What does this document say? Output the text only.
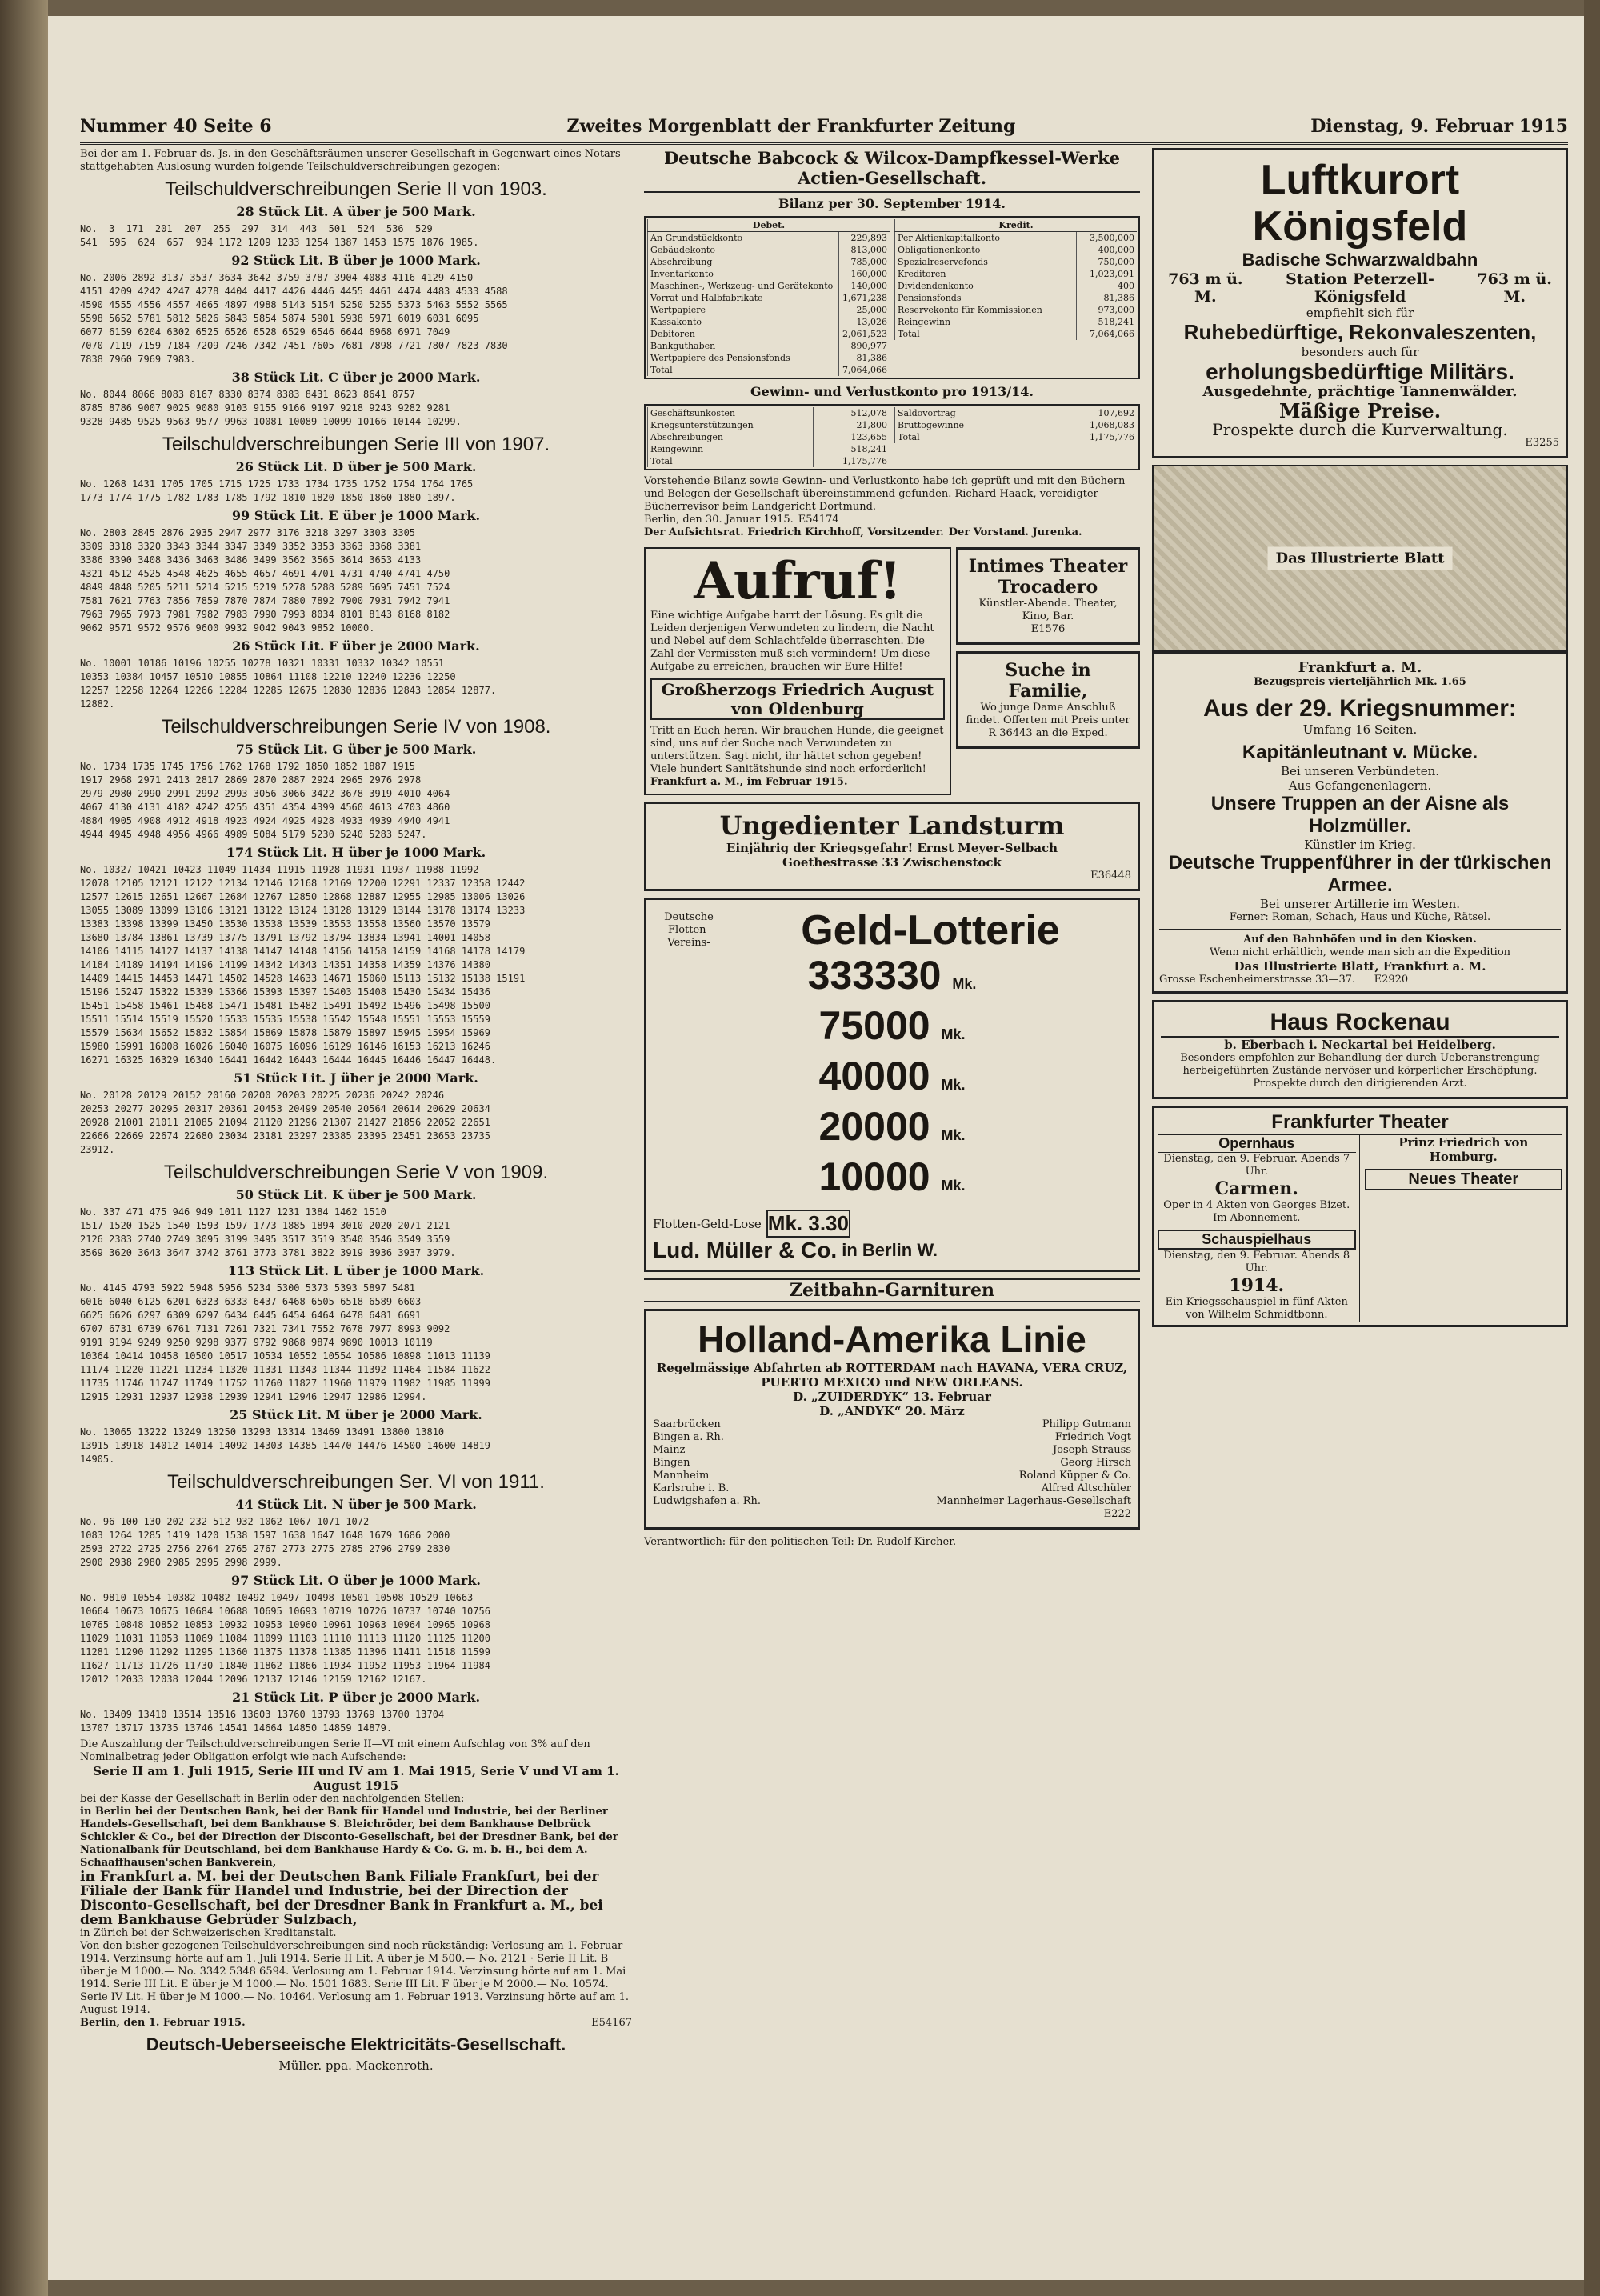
Nummer 40 Seite 6	Zweites Morgenblatt der Frankfurter Zeitung	Dienstag, 9. Februar 1915

Bei der am 1. Februar ds. Js. in den Geschäftsräumen unserer Gesellschaft in Gegenwart eines Notars stattgehabten Auslosung wurden folgende Teilschuldverschreibungen gezogen:

Teilschuldverschreibungen Serie II von 1903.
28 Stück Lit. A über je 500 Mark.
No.  3  171  201  207  255  297  314  443  501  524  536  529
541  595  624  657  934 1172 1209 1233 1254 1387 1453 1575 1876 1985.
92 Stück Lit. B über je 1000 Mark.
No. 2006 2892 3137 3537 3634 3642 3759 3787 3904 4083 4116 4129 4150
4151 4209 4242 4247 4278 4404 4417 4426 4446 4455 4461 4474 4483 4533 4588
4590 4555 4556 4557 4665 4897 4988 5143 5154 5250 5255 5373 5463 5552 5565
5598 5652 5781 5812 5826 5843 5854 5874 5901 5938 5971 6019 6031 6095
6077 6159 6204 6302 6525 6526 6528 6529 6546 6644 6968 6971 7049
7070 7119 7159 7184 7209 7246 7342 7451 7605 7681 7898 7721 7807 7823 7830
7838 7960 7969 7983.
38 Stück Lit. C über je 2000 Mark.
No. 8044 8066 8083 8167 8330 8374 8383 8431 8623 8641 8757
8785 8786 9007 9025 9080 9103 9155 9166 9197 9218 9243 9282 9281
9328 9485 9525 9563 9577 9963 10081 10089 10099 10166 10144 10299.
Teilschuldverschreibungen Serie III von 1907.
26 Stück Lit. D über je 500 Mark.
No. 1268 1431 1705 1705 1715 1725 1733 1734 1735 1752 1754 1764 1765
1773 1774 1775 1782 1783 1785 1792 1810 1820 1850 1860 1880 1897.
99 Stück Lit. E über je 1000 Mark.
No. 2803 2845 2876 2935 2947 2977 3176 3218 3297 3303 3305
3309 3318 3320 3343 3344 3347 3349 3352 3353 3363 3368 3381
3386 3390 3408 3436 3463 3486 3499 3562 3565 3614 3653 4133
4321 4512 4525 4548 4625 4655 4657 4691 4701 4731 4740 4741 4750
4849 4848 5205 5211 5214 5215 5219 5278 5288 5289 5695 7451 7524
7581 7621 7763 7856 7859 7870 7874 7880 7892 7900 7931 7942 7941
7963 7965 7973 7981 7982 7983 7990 7993 8034 8101 8143 8168 8182
9062 9571 9572 9576 9600 9932 9042 9043 9852 10000.
26 Stück Lit. F über je 2000 Mark.
No. 10001 10186 10196 10255 10278 10321 10331 10332 10342 10551
10353 10384 10457 10510 10855 10864 11108 12210 12240 12236 12250
12257 12258 12264 12266 12284 12285 12675 12830 12836 12843 12854 12877.
12882.
Teilschuldverschreibungen Serie IV von 1908.
75 Stück Lit. G über je 500 Mark.
No. 1734 1735 1745 1756 1762 1768 1792 1850 1852 1887 1915
1917 2968 2971 2413 2817 2869 2870 2887 2924 2965 2976 2978
2979 2980 2990 2991 2992 2993 3056 3066 3422 3678 3919 4010 4064
4067 4130 4131 4182 4242 4255 4351 4354 4399 4560 4613 4703 4860
4884 4905 4908 4912 4918 4923 4924 4925 4928 4933 4939 4940 4941
4944 4945 4948 4956 4966 4989 5084 5179 5230 5240 5283 5247.
174 Stück Lit. H über je 1000 Mark.
No. 10327 10421 10423 11049 11434 11915 11928 11931 11937 11988 11992
12078 12105 12121 12122 12134 12146 12168 12169 12200 12291 12337 12358 12442
12577 12615 12651 12667 12684 12767 12850 12868 12887 12955 12985 13006 13026
13055 13089 13099 13106 13121 13122 13124 13128 13129 13144 13178 13174 13233
13383 13398 13399 13450 13530 13538 13539 13553 13558 13560 13570 13579
13680 13784 13861 13739 13775 13791 13792 13794 13834 13941 14001 14058
14106 14115 14127 14137 14138 14147 14148 14156 14158 14159 14168 14178 14179
14184 14189 14194 14196 14199 14342 14343 14351 14358 14359 14376 14380
14409 14415 14453 14471 14502 14528 14633 14671 15060 15113 15132 15138 15191
15196 15247 15322 15339 15366 15393 15397 15403 15408 15430 15434 15436
15451 15458 15461 15468 15471 15481 15482 15491 15492 15496 15498 15500
15511 15514 15519 15520 15533 15535 15538 15542 15548 15551 15553 15559
15579 15634 15652 15832 15854 15869 15878 15879 15897 15945 15954 15969
15980 15991 16008 16026 16040 16075 16096 16129 16146 16153 16213 16246
16271 16325 16329 16340 16441 16442 16443 16444 16445 16446 16447 16448.
51 Stück Lit. J über je 2000 Mark.
No. 20128 20129 20152 20160 20200 20203 20225 20236 20242 20246
20253 20277 20295 20317 20361 20453 20499 20540 20564 20614 20629 20634
20928 21001 21011 21085 21094 21120 21296 21307 21427 21856 22052 22651
22666 22669 22674 22680 23034 23181 23297 23385 23395 23451 23653 23735
23912.
Teilschuldverschreibungen Serie V von 1909.
50 Stück Lit. K über je 500 Mark.
No. 337 471 475 946 949 1011 1127 1231 1384 1462 1510
1517 1520 1525 1540 1593 1597 1773 1885 1894 3010 2020 2071 2121
2126 2383 2740 2749 3095 3199 3495 3517 3519 3540 3546 3549 3559
3569 3620 3643 3647 3742 3761 3773 3781 3822 3919 3936 3937 3979.
113 Stück Lit. L über je 1000 Mark.
No. 4145 4793 5922 5948 5956 5234 5300 5373 5393 5897 5481
6016 6040 6125 6201 6323 6333 6437 6468 6505 6518 6589 6603
6625 6626 6297 6309 6297 6434 6445 6454 6464 6478 6481 6691
6707 6731 6739 6761 7131 7261 7321 7341 7552 7678 7977 8993 9092
9191 9194 9249 9250 9298 9377 9792 9868 9874 9890 10013 10119
10364 10414 10458 10500 10517 10534 10552 10554 10586 10898 11013 11139
11174 11220 11221 11234 11320 11331 11343 11344 11392 11464 11584 11622
11735 11746 11747 11749 11752 11760 11827 11960 11979 11982 11985 11999
12915 12931 12937 12938 12939 12941 12946 12947 12986 12994.
25 Stück Lit. M über je 2000 Mark.
No. 13065 13222 13249 13250 13293 13314 13469 13491 13800 13810
13915 13918 14012 14014 14092 14303 14385 14470 14476 14500 14600 14819
14905.
Teilschuldverschreibungen Ser. VI von 1911.
44 Stück Lit. N über je 500 Mark.
No. 96 100 130 202 232 512 932 1062 1067 1071 1072
1083 1264 1285 1419 1420 1538 1597 1638 1647 1648 1679 1686 2000
2593 2722 2725 2756 2764 2765 2767 2773 2775 2785 2796 2799 2830
2900 2938 2980 2985 2995 2998 2999.
97 Stück Lit. O über je 1000 Mark.
No. 9810 10554 10382 10482 10492 10497 10498 10501 10508 10529 10663
10664 10673 10675 10684 10688 10695 10693 10719 10726 10737 10740 10756
10765 10848 10852 10853 10932 10953 10960 10961 10963 10964 10965 10968
11029 11031 11053 11069 11084 11099 11103 11110 11113 11120 11125 11200
11281 11290 11292 11295 11360 11375 11378 11385 11396 11411 11518 11599
11627 11713 11726 11730 11840 11862 11866 11934 11952 11953 11964 11984
12012 12033 12038 12044 12096 12137 12146 12159 12162 12167.
21 Stück Lit. P über je 2000 Mark.
No. 13409 13410 13514 13516 13603 13760 13793 13769 13700 13704
13707 13717 13735 13746 14541 14664 14850 14859 14879.

Die Auszahlung der Teilschuldverschreibungen Serie II—VI mit einem Aufschlag von 3% auf den Nominalbetrag jeder Obligation erfolgt wie nach Aufschende:

Serie II am 1. Juli 1915, Serie III und IV am 1. Mai 1915, Serie V und VI am 1. August 1915

bei der Kasse der Gesellschaft in Berlin oder den nachfolgenden Stellen:

in Berlin bei der Deutschen Bank, bei der Bank für Handel und Industrie, bei der Berliner Handels-Gesellschaft, bei dem Bankhause S. Bleichröder, bei dem Bankhause Delbrück Schickler & Co., bei der Direction der Disconto-Gesellschaft, bei der Dresdner Bank, bei der Nationalbank für Deutschland, bei dem Bankhause Hardy & Co. G. m. b. H., bei dem A. Schaaffhausen'schen Bankverein,

in Frankfurt a. M. bei der Deutschen Bank Filiale Frankfurt, bei der Filiale der Bank für Handel und Industrie, bei der Direction der Disconto-Gesellschaft, bei der Dresdner Bank in Frankfurt a. M., bei dem Bankhause Gebrüder Sulzbach,

in Zürich bei der Schweizerischen Kreditanstalt.

Von den bisher gezogenen Teilschuldverschreibungen sind noch rückständig: Verlosung am 1. Februar 1914. Verzinsung hörte auf am 1. Juli 1914. Serie II Lit. A über je M 500.— No. 2121 · Serie II Lit. B über je M 1000.— No. 3342 5348 6594. Verlosung am 1. Februar 1914. Verzinsung hörte auf am 1. Mai 1914. Serie III Lit. E über je M 1000.— No. 1501 1683. Serie III Lit. F über je M 2000.— No. 10574. Serie IV Lit. H über je M 1000.— No. 10464. Verlosung am 1. Februar 1913. Verzinsung hörte auf am 1. August 1914.

Berlin, den 1. Februar 1915.	E54167
Deutsch-Ueberseeische Elektricitäts-Gesellschaft.
Müller. ppa. Mackenroth.
Deutsche Babcock & Wilcox-Dampfkessel-Werke Actien-Gesellschaft.
Bilanz per 30. September 1914.
Debet.	
An Grundstückkonto	229,893
Gebäudekonto	813,000
Abschreibung	785,000
Inventarkonto	160,000
Maschinen-, Werkzeug- und Gerätekonto	140,000
Vorrat und Halbfabrikate	1,671,238
Wertpapiere	25,000
Kassakonto	13,026
Debitoren	2,061,523
Bankguthaben	890,977
Wertpapiere des Pensionsfonds	81,386
Total	7,064,066
Kredit.	
Per Aktienkapitalkonto	3,500,000
Obligationenkonto	400,000
Spezialreservefonds	750,000
Kreditoren	1,023,091
Dividendenkonto	400
Pensionsfonds	81,386
Reservekonto für Kommissionen	973,000
Reingewinn	518,241
Total	7,064,066
Gewinn- und Verlustkonto pro 1913/14.
Geschäftsunkosten	512,078
Kriegsunterstützungen	21,800
Abschreibungen	123,655
Reingewinn	518,241
Total	1,175,776
Saldovortrag	107,692
Bruttogewinne	1,068,083
Total	1,175,776

Vorstehende Bilanz sowie Gewinn- und Verlustkonto habe ich geprüft und mit den Büchern und Belegen der Gesellschaft übereinstimmend gefunden. Richard Haack, vereidigter Bücherrevisor beim Landgericht Dortmund.

Berlin, den 30. Januar 1915. E54174
Der Aufsichtsrat. Friedrich Kirchhoff, Vorsitzender. Der Vorstand. Jurenka.
Aufruf!

Eine wichtige Aufgabe harrt der Lösung. Es gilt die Leiden derjenigen Verwundeten zu lindern, die Nacht und Nebel auf dem Schlachtfelde überraschten. Die Zahl der Vermissten muß sich vermindern! Um diese Aufgabe zu erreichen, brauchen wir Eure Hilfe!

Großherzogs Friedrich August von Oldenburg

Tritt an Euch heran. Wir brauchen Hunde, die geeignet sind, uns auf der Suche nach Verwundeten zu unterstützen. Sagt nicht, ihr hättet schon gegeben! Viele hundert Sanitätshunde sind noch erforderlich!

Frankfurt a. M., im Februar 1915.

Intimes Theater Trocadero

Künstler-Abende. Theater, Kino, Bar.

E1576

Suche in Familie,

Wo junge Dame Anschluß findet. Offerten mit Preis unter R 36443 an die Exped.

Ungedienter Landsturm

Einjährig der Kriegsgefahr! Ernst Meyer-Selbach

Goethestrasse 33 Zwischenstock

E36448

Deutsche Flotten-Vereins-	Geld-Lotterie
333330 Mk.
75000 Mk.
40000 Mk.
20000 Mk.
10000 Mk.
Flotten-Geld-Lose Mk. 3.30
Lud. Müller & Co. in Berlin W.
Zeitbahn-Garnituren
Holland-Amerika Linie

Regelmässige Abfahrten ab ROTTERDAM nach HAVANA, VERA CRUZ, PUERTO MEXICO und NEW ORLEANS.

D. „ZUIDERDYK“ 13. Februar

D. „ANDYK“ 20. März

Saarbrücken	Philipp Gutmann
Bingen a. Rh.	Friedrich Vogt
Mainz	Joseph Strauss
Bingen	Georg Hirsch
Mannheim	Roland Küpper & Co.
Karlsruhe i. B.	Alfred Altschüler
Ludwigshafen a. Rh.	Mannheimer Lagerhaus-Gesellschaft

E222

Verantwortlich: für den politischen Teil: Dr. Rudolf Kircher.

Luftkurort Königsfeld
Badische Schwarzwaldbahn
763 m ü. M.
Station Peterzell-Königsfeld
763 m ü. M.
empfiehlt sich für
Ruhebedürftige, Rekonvaleszenten,
besonders auch für
erholungsbedürftige Militärs.
Ausgedehnte, prächtige Tannenwälder.
Mäßige Preise.
Prospekte durch die Kurverwaltung.
E3255
Das Illustrierte Blatt
Frankfurt a. M.
Bezugspreis vierteljährlich Mk. 1.65
Aus der 29. Kriegsnummer:
Umfang 16 Seiten.
Kapitänleutnant v. Mücke.
Bei unseren Verbündeten.
Aus Gefangenenlagern.
Unsere Truppen an der Aisne als Holzmüller.
Künstler im Krieg.
Deutsche Truppenführer in der türkischen Armee.
Bei unserer Artillerie im Westen.
Ferner: Roman, Schach, Haus und Küche, Rätsel.
Auf den Bahnhöfen und in den Kiosken.
Wenn nicht erhältlich, wende man sich an die Expedition
Das Illustrierte Blatt, Frankfurt a. M.
Grosse Eschenheimerstrasse 33—37.	E2920
Haus Rockenau
b. Eberbach i. Neckartal bei Heidelberg.
Besonders empfohlen zur Behandlung der durch Ueberanstrengung herbeigeführten Zustände nervöser und körperlicher Erschöpfung. Prospekte durch den dirigierenden Arzt.
Frankfurter Theater
Opernhaus
Dienstag, den 9. Februar. Abends 7 Uhr.
Carmen.
Oper in 4 Akten von Georges Bizet. Im Abonnement.
Schauspielhaus
Dienstag, den 9. Februar. Abends 8 Uhr.
1914.
Ein Kriegsschauspiel in fünf Akten von Wilhelm Schmidtbonn.
Prinz Friedrich von Homburg.
Neues Theater
